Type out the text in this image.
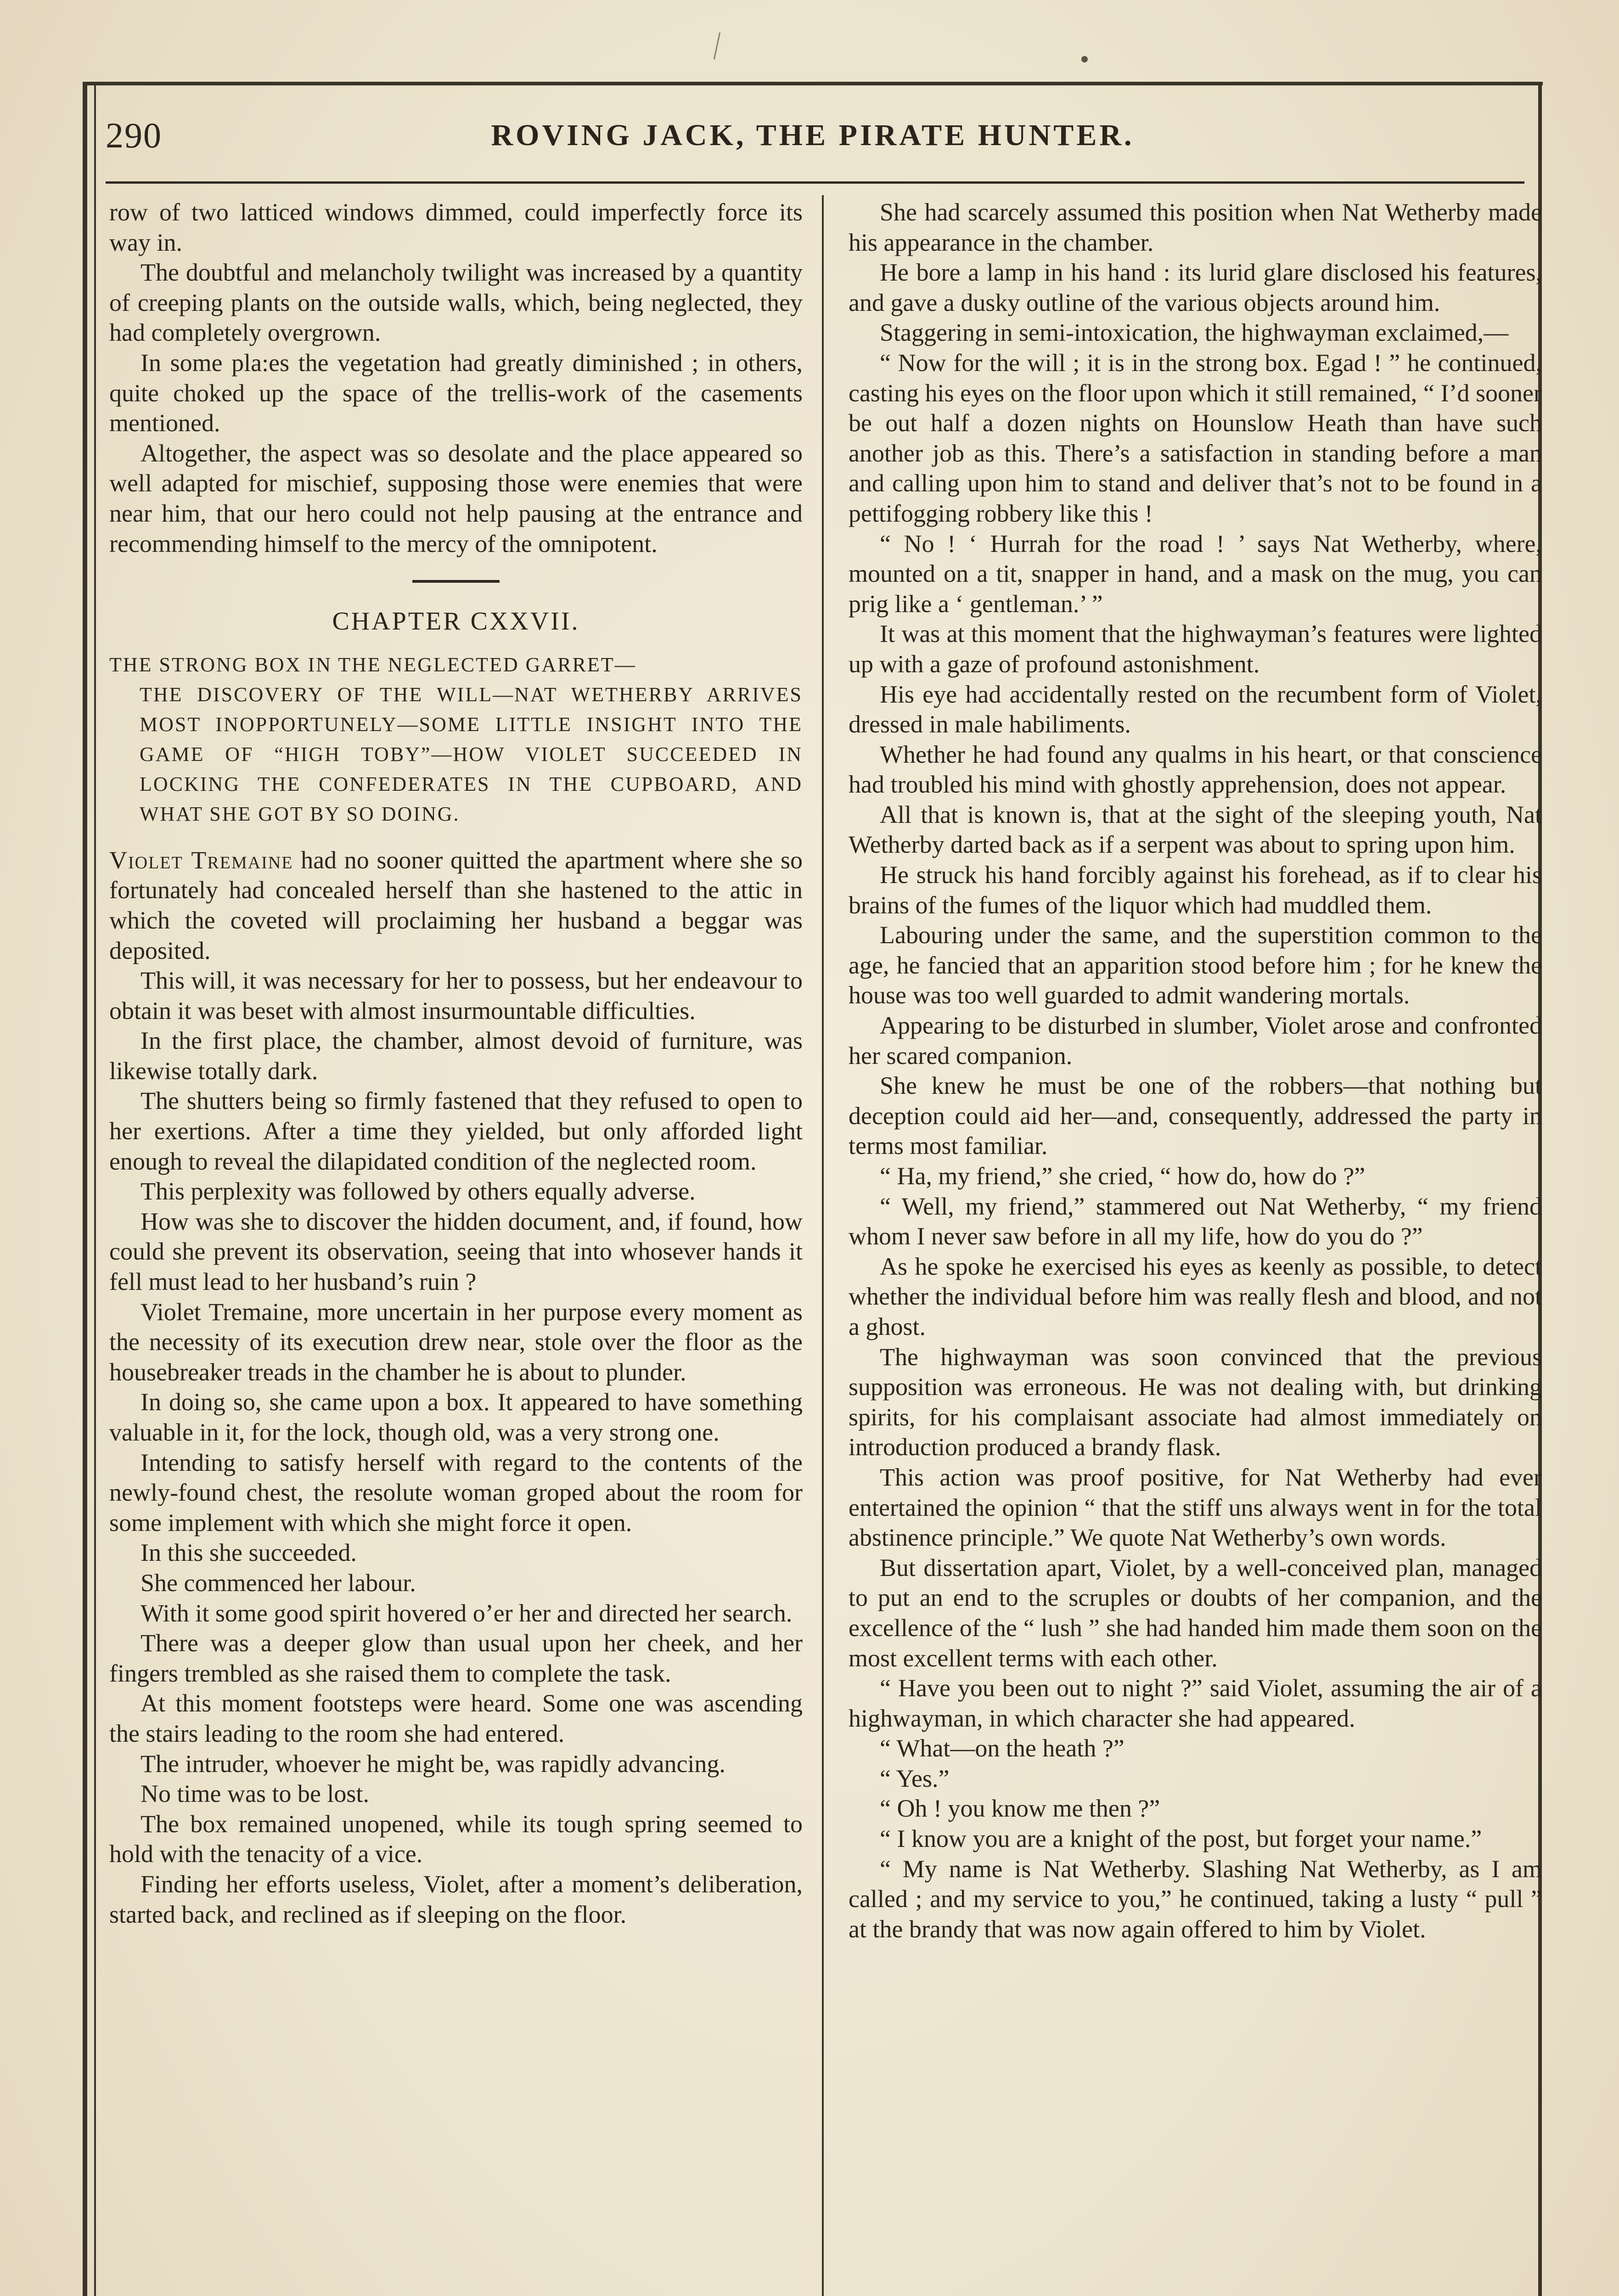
290	ROVING JACK, THE PIRATE HUNTER.

row of two latticed windows dimmed, could imperfectly force its way in.

The doubtful and melancholy twilight was increased by a quantity of creeping plants on the outside walls, which, being neglected, they had completely overgrown.

In some pla:es the vegetation had greatly diminished ; in others, quite choked up the space of the trellis-work of the casements mentioned.

Altogether, the aspect was so desolate and the place appeared so well adapted for mischief, supposing those were enemies that were near him, that our hero could not help pausing at the entrance and recommending himself to the mercy of the omnipotent.

CHAPTER CXXVII.
THE STRONG BOX IN THE NEGLECTED GARRET—
THE DISCOVERY OF THE WILL—NAT WETHERBY ARRIVES MOST INOPPORTUNELY—SOME LITTLE INSIGHT INTO THE GAME OF “HIGH TOBY”—HOW VIOLET SUCCEEDED IN LOCKING THE CONFEDERATES IN THE CUPBOARD, AND WHAT SHE GOT BY SO DOING.

Violet Tremaine had no sooner quitted the apartment where she so fortunately had concealed herself than she hastened to the attic in which the coveted will proclaiming her husband a beggar was deposited.

This will, it was necessary for her to possess, but her endeavour to obtain it was beset with almost insurmountable difficulties.

In the first place, the chamber, almost devoid of furniture, was likewise totally dark.

The shutters being so firmly fastened that they refused to open to her exertions. After a time they yielded, but only afforded light enough to reveal the dilapidated condition of the neglected room.

This perplexity was followed by others equally adverse.

How was she to discover the hidden document, and, if found, how could she prevent its observation, seeing that into whosever hands it fell must lead to her husband’s ruin ?

Violet Tremaine, more uncertain in her purpose every moment as the necessity of its execution drew near, stole over the floor as the housebreaker treads in the chamber he is about to plunder.

In doing so, she came upon a box. It appeared to have something valuable in it, for the lock, though old, was a very strong one.

Intending to satisfy herself with regard to the contents of the newly-found chest, the resolute woman groped about the room for some implement with which she might force it open.

In this she succeeded.

She commenced her labour.

With it some good spirit hovered o’er her and directed her search.

There was a deeper glow than usual upon her cheek, and her fingers trembled as she raised them to complete the task.

At this moment footsteps were heard. Some one was ascending the stairs leading to the room she had entered.

The intruder, whoever he might be, was rapidly advancing.

No time was to be lost.

The box remained unopened, while its tough spring seemed to hold with the tenacity of a vice.

Finding her efforts useless, Violet, after a moment’s deliberation, started back, and reclined as if sleeping on the floor.

She had scarcely assumed this position when Nat Wetherby made his appearance in the chamber.

He bore a lamp in his hand : its lurid glare disclosed his features, and gave a dusky outline of the various objects around him.

Staggering in semi-intoxication, the highwayman exclaimed,—

“ Now for the will ; it is in the strong box. Egad ! ” he continued, casting his eyes on the floor upon which it still remained, “ I’d sooner be out half a dozen nights on Hounslow Heath than have such another job as this. There’s a satisfaction in standing before a man and calling upon him to stand and deliver that’s not to be found in a pettifogging robbery like this !

“ No ! ‘ Hurrah for the road ! ’ says Nat Wetherby, where, mounted on a tit, snapper in hand, and a mask on the mug, you can prig like a ‘ gentleman.’ ”

It was at this moment that the highwayman’s features were lighted up with a gaze of profound astonishment.

His eye had accidentally rested on the recumbent form of Violet, dressed in male habiliments.

Whether he had found any qualms in his heart, or that conscience had troubled his mind with ghostly apprehension, does not appear.

All that is known is, that at the sight of the sleeping youth, Nat Wetherby darted back as if a serpent was about to spring upon him.

He struck his hand forcibly against his forehead, as if to clear his brains of the fumes of the liquor which had muddled them.

Labouring under the same, and the superstition common to the age, he fancied that an apparition stood before him ; for he knew the house was too well guarded to admit wandering mortals.

Appearing to be disturbed in slumber, Violet arose and confronted her scared companion.

She knew he must be one of the robbers—that nothing but deception could aid her—and, consequently, addressed the party in terms most familiar.

“ Ha, my friend,” she cried, “ how do, how do ?”

“ Well, my friend,” stammered out Nat Wetherby, “ my friend whom I never saw before in all my life, how do you do ?”

As he spoke he exercised his eyes as keenly as possible, to detect whether the individual before him was really flesh and blood, and not a ghost.

The highwayman was soon convinced that the previous supposition was erroneous. He was not dealing with, but drinking spirits, for his complaisant associate had almost immediately on introduction produced a brandy flask.

This action was proof positive, for Nat Wetherby had ever entertained the opinion “ that the stiff uns always went in for the total abstinence principle.” We quote Nat Wetherby’s own words.

But dissertation apart, Violet, by a well-conceived plan, managed to put an end to the scruples or doubts of her companion, and the excellence of the “ lush ” she had handed him made them soon on the most excellent terms with each other.

“ Have you been out to night ?” said Violet, assuming the air of a highwayman, in which character she had appeared.

“ What—on the heath ?”

“ Yes.”

“ Oh ! you know me then ?”

“ I know you are a knight of the post, but forget your name.”

“ My name is Nat Wetherby. Slashing Nat Wetherby, as I am called ; and my service to you,” he continued, taking a lusty “ pull ” at the brandy that was now again offered to him by Violet.
